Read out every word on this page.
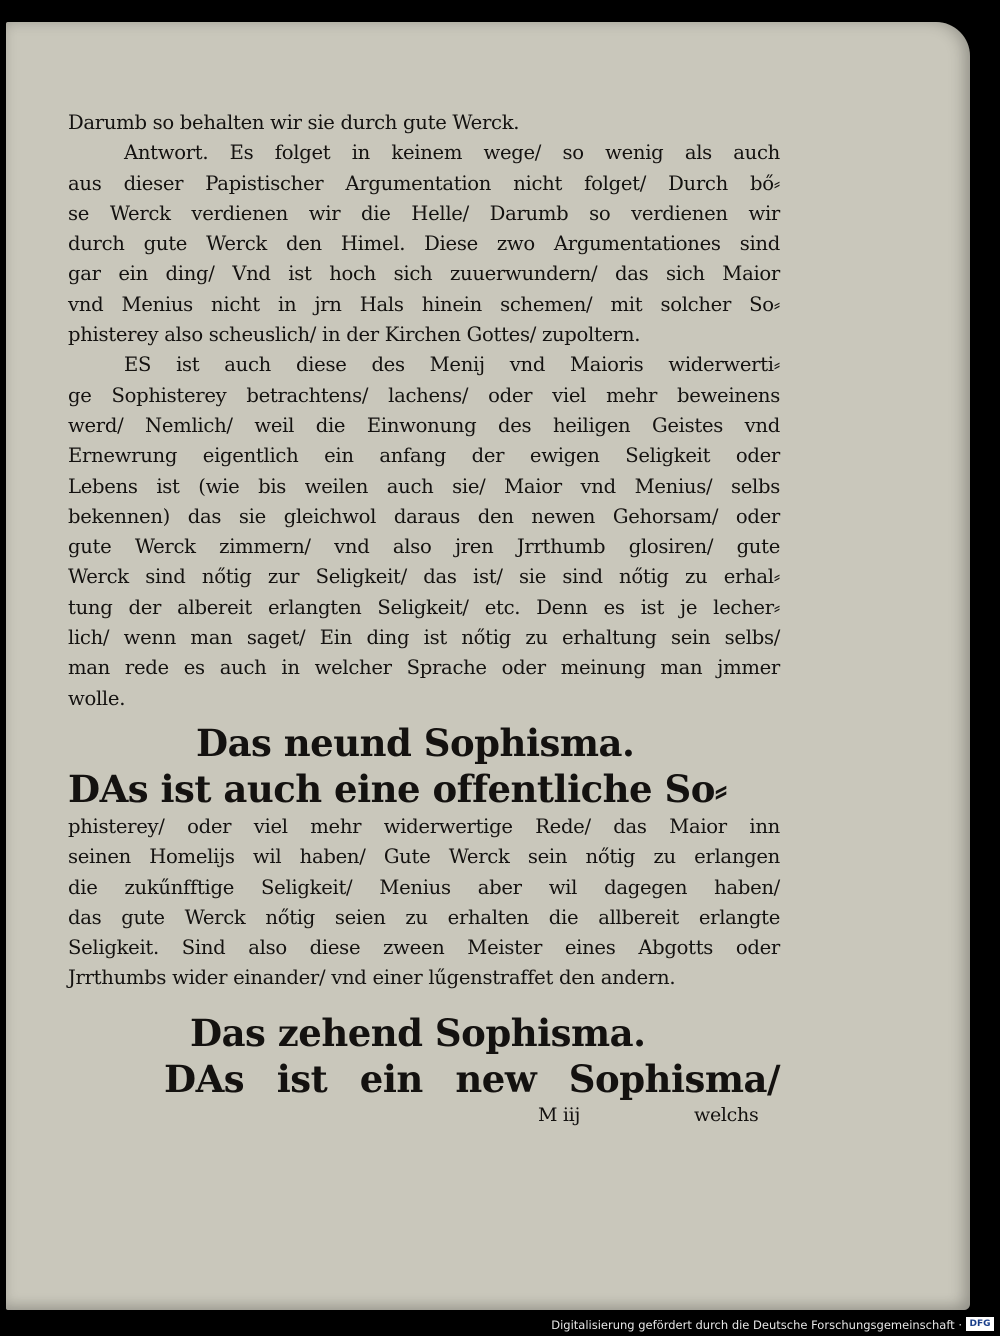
Darumb so behalten wir sie durch gute Werck.
Antwort. Es folget in keinem wege/ so wenig als auch
aus dieser Papistischer Argumentation nicht folget/ Durch bő⸗
se Werck verdienen wir die Helle/ Darumb so verdienen wir
durch gute Werck den Himel. Diese zwo Argumentationes sind
gar ein ding/ Vnd ist hoch sich zuuerwundern/ das sich Maior
vnd Menius nicht in jrn Hals hinein schemen/ mit solcher So⸗
phisterey also scheuslich/ in der Kirchen Gottes/ zupoltern.
ES ist auch diese des Menij vnd Maioris widerwerti⸗
ge Sophisterey betrachtens/ lachens/ oder viel mehr beweinens
werd/ Nemlich/ weil die Einwonung des heiligen Geistes vnd
Ernewrung eigentlich ein anfang der ewigen Seligkeit oder
Lebens ist (wie bis weilen auch sie/ Maior vnd Menius/ selbs
bekennen) das sie gleichwol daraus den newen Gehorsam/ oder
gute Werck zimmern/ vnd also jren Jrrthumb glosiren/ gute
Werck sind nőtig zur Seligkeit/ das ist/ sie sind nőtig zu erhal⸗
tung der albereit erlangten Seligkeit/ etc. Denn es ist je lecher⸗
lich/ wenn man saget/ Ein ding ist nőtig zu erhaltung sein selbs/
man rede es auch in welcher Sprache oder meinung man jmmer
wolle.
Das neund Sophisma.
DAs ist auch eine offentliche So⸗
phisterey/ oder viel mehr widerwertige Rede/ das Maior inn
seinen Homelijs wil haben/ Gute Werck sein nőtig zu erlangen
die zukűnfftige Seligkeit/ Menius aber wil dagegen haben/
das gute Werck nőtig seien zu erhalten die allbereit erlangte
Seligkeit. Sind also diese zween Meister eines Abgotts oder
Jrrthumbs wider einander/ vnd einer lűgenstraffet den andern.
Das zehend Sophisma.
DAs ist ein new Sophisma/
M iij	welchs
Digitalisierung gefördert durch die Deutsche Forschungsgemeinschaft · DFG
